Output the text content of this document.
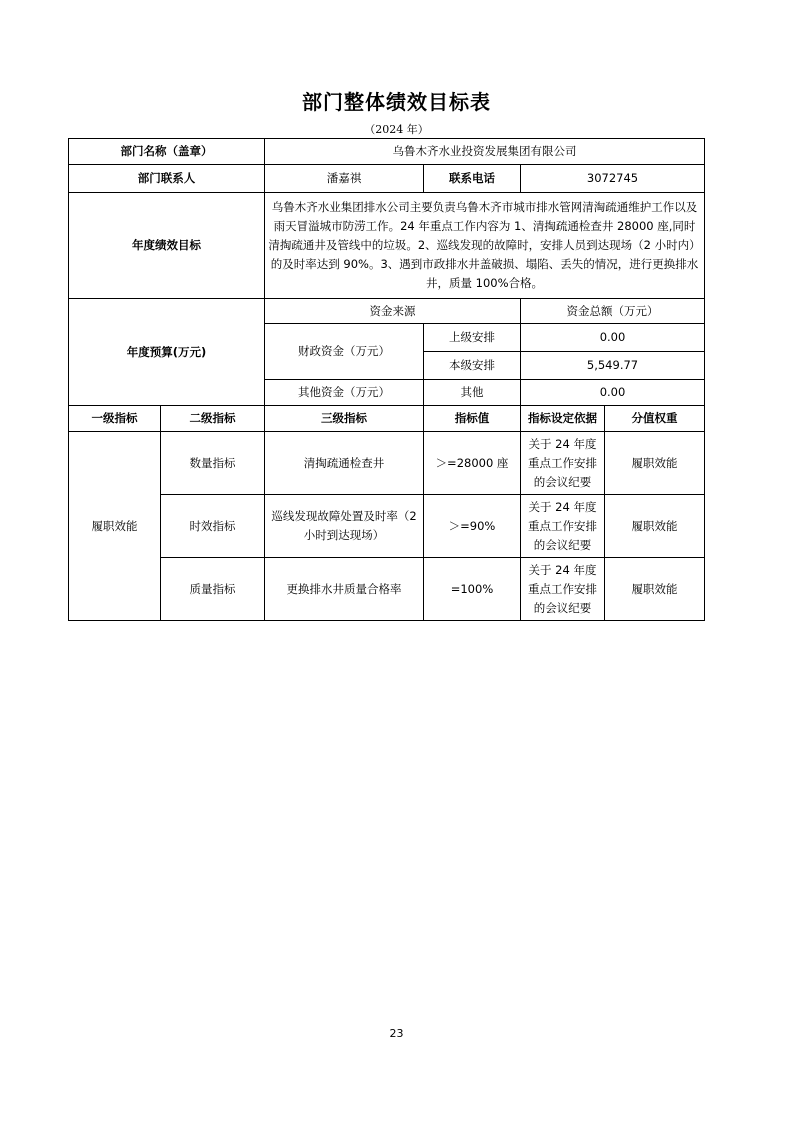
部门整体绩效目标表
（2024 年）
部门名称（盖章）		乌鲁木齐水业投资发展集团有限公司			
部门联系人		潘嘉祺	联系电话	3072745	
年度绩效目标		乌鲁木齐水业集团排水公司主要负责乌鲁木齐市城市排水管网清淘疏通维护工作以及雨天冒溢城市防涝工作。24 年重点工作内容为 1、清掏疏通检查井 28000 座,同时清掏疏通井及管线中的垃圾。2、巡线发现的故障时，安排人员到达现场（2 小时内）的及时率达到 90%。3、遇到市政排水井盖破损、塌陷、丢失的情况，进行更换排水井，质量 100%合格。			
年度预算(万元)		资金来源		资金总额（万元）	
		财政资金（万元）	上级安排	0.00	
			本级安排	5,549.77	
		其他资金（万元）	其他	0.00	
一级指标	二级指标	三级指标	指标值	指标设定依据	分值权重
履职效能	数量指标	清掏疏通检查井	＞=28000 座	关于 24 年度重点工作安排的会议纪要	履职效能
	时效指标	巡线发现故障处置及时率（2 小时到达现场）	＞=90%	关于 24 年度重点工作安排的会议纪要	履职效能
	质量指标	更换排水井质量合格率	=100%	关于 24 年度重点工作安排的会议纪要	履职效能
23
